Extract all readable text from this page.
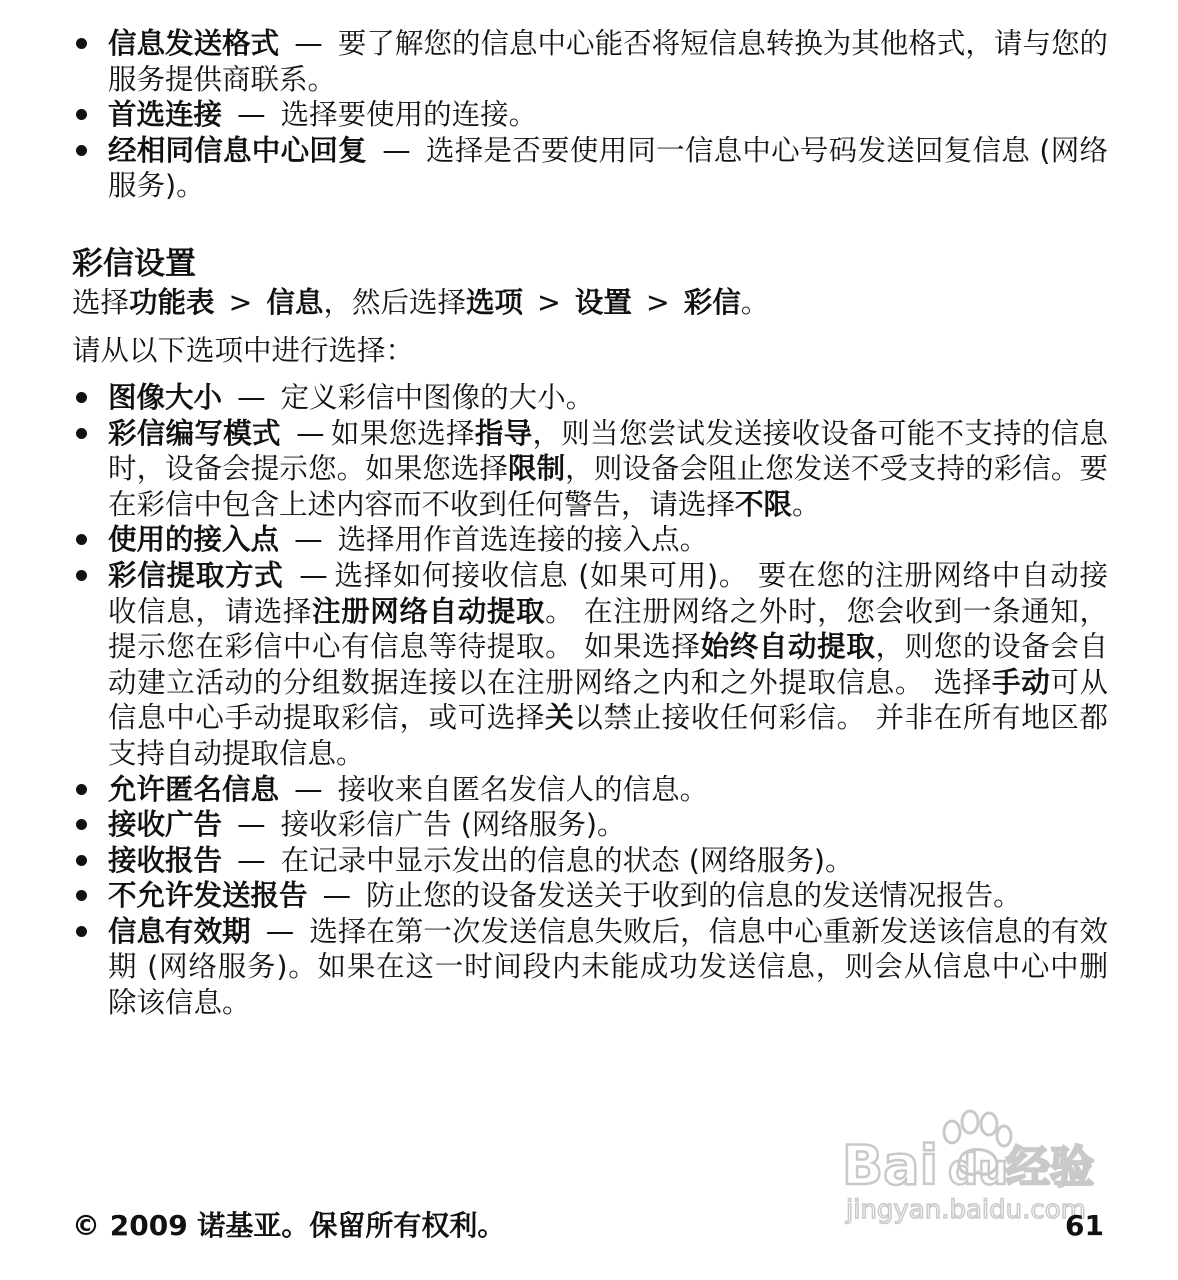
信息发送格式 — 要了解您的信息中心能否将短信息转换为其他格式，请与您的服务提供商联系。
首选连接 — 选择要使用的连接。
经相同信息中心回复 — 选择是否要使用同一信息中心号码发送回复信息 (网络服务)。
彩信设置

选择功能表 > 信息，然后选择选项 > 设置 > 彩信。

请从以下选项中进行选择：

图像大小 — 定义彩信中图像的大小。
彩信编写模式 — 如果您选择指导，则当您尝试发送接收设备可能不支持的信息时，设备会提示您。如果您选择限制，则设备会阻止您发送不受支持的彩信。要在彩信中包含上述内容而不收到任何警告，请选择不限。
使用的接入点 — 选择用作首选连接的接入点。
彩信提取方式 — 选择如何接收信息 (如果可用)。 要在您的注册网络中自动接收信息，请选择注册网络自动提取。 在注册网络之外时，您会收到一条通知，提示您在彩信中心有信息等待提取。 如果选择始终自动提取，则您的设备会自动建立活动的分组数据连接以在注册网络之内和之外提取信息。 选择手动可从信息中心手动提取彩信，或可选择关以禁止接收任何彩信。 并非在所有地区都支持自动提取信息。
允许匿名信息 — 接收来自匿名发信人的信息。
接收广告 — 接收彩信广告 (网络服务)。
接收报告 — 在记录中显示发出的信息的状态 (网络服务)。
不允许发送报告 — 防止您的设备发送关于收到的信息的发送情况报告。
信息有效期 — 选择在第一次发送信息失败后，信息中心重新发送该信息的有效期 (网络服务)。如果在这一时间段内未能成功发送信息，则会从信息中心中删除该信息。
Bai du
经验
jingyan.baidu.com
© 2009 诺基亚。保留所有权利。	61
